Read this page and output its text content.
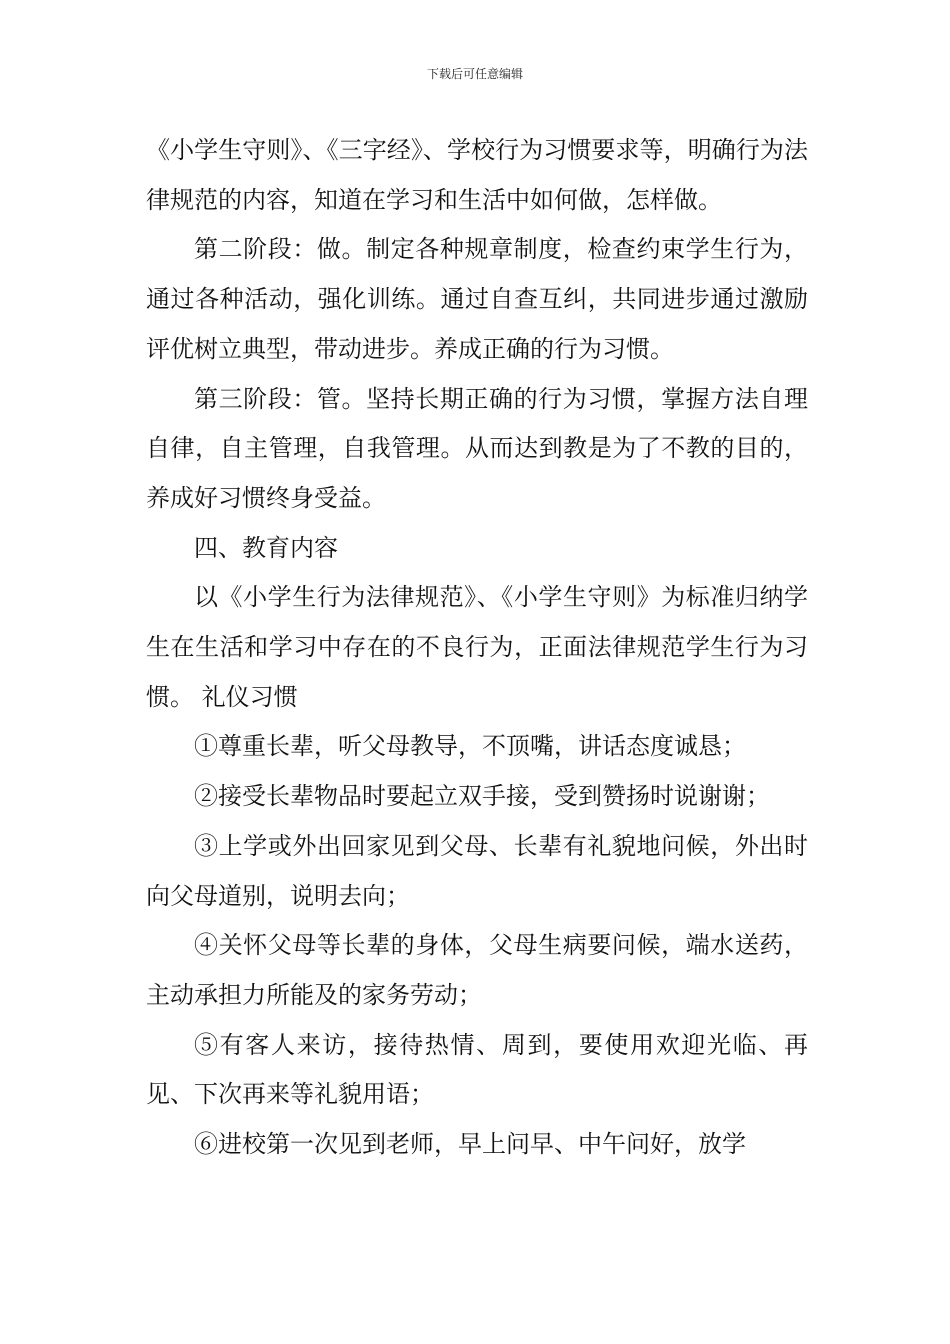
下载后可任意编辑

《小学生守则》、《三字经》、学校行为习惯要求等，明确行为法律规范的内容，知道在学习和生活中如何做，怎样做。

第二阶段：做。制定各种规章制度，检查约束学生行为，通过各种活动，强化训练。通过自查互纠，共同进步通过激励评优树立典型，带动进步。养成正确的行为习惯。

第三阶段：管。坚持长期正确的行为习惯，掌握方法自理自律，自主管理，自我管理。从而达到教是为了不教的目的，养成好习惯终身受益。

四、教育内容

以《小学生行为法律规范》、《小学生守则》为标准归纳学生在生活和学习中存在的不良行为，正面法律规范学生行为习惯。 礼仪习惯

①尊重长辈，听父母教导，不顶嘴，讲话态度诚恳；

②接受长辈物品时要起立双手接，受到赞扬时说谢谢；

③上学或外出回家见到父母、长辈有礼貌地问候，外出时向父母道别，说明去向；

④关怀父母等长辈的身体，父母生病要问候，端水送药，主动承担力所能及的家务劳动；

⑤有客人来访，接待热情、周到，要使用欢迎光临、再见、下次再来等礼貌用语；

⑥进校第一次见到老师，早上问早、中午问好，放学
